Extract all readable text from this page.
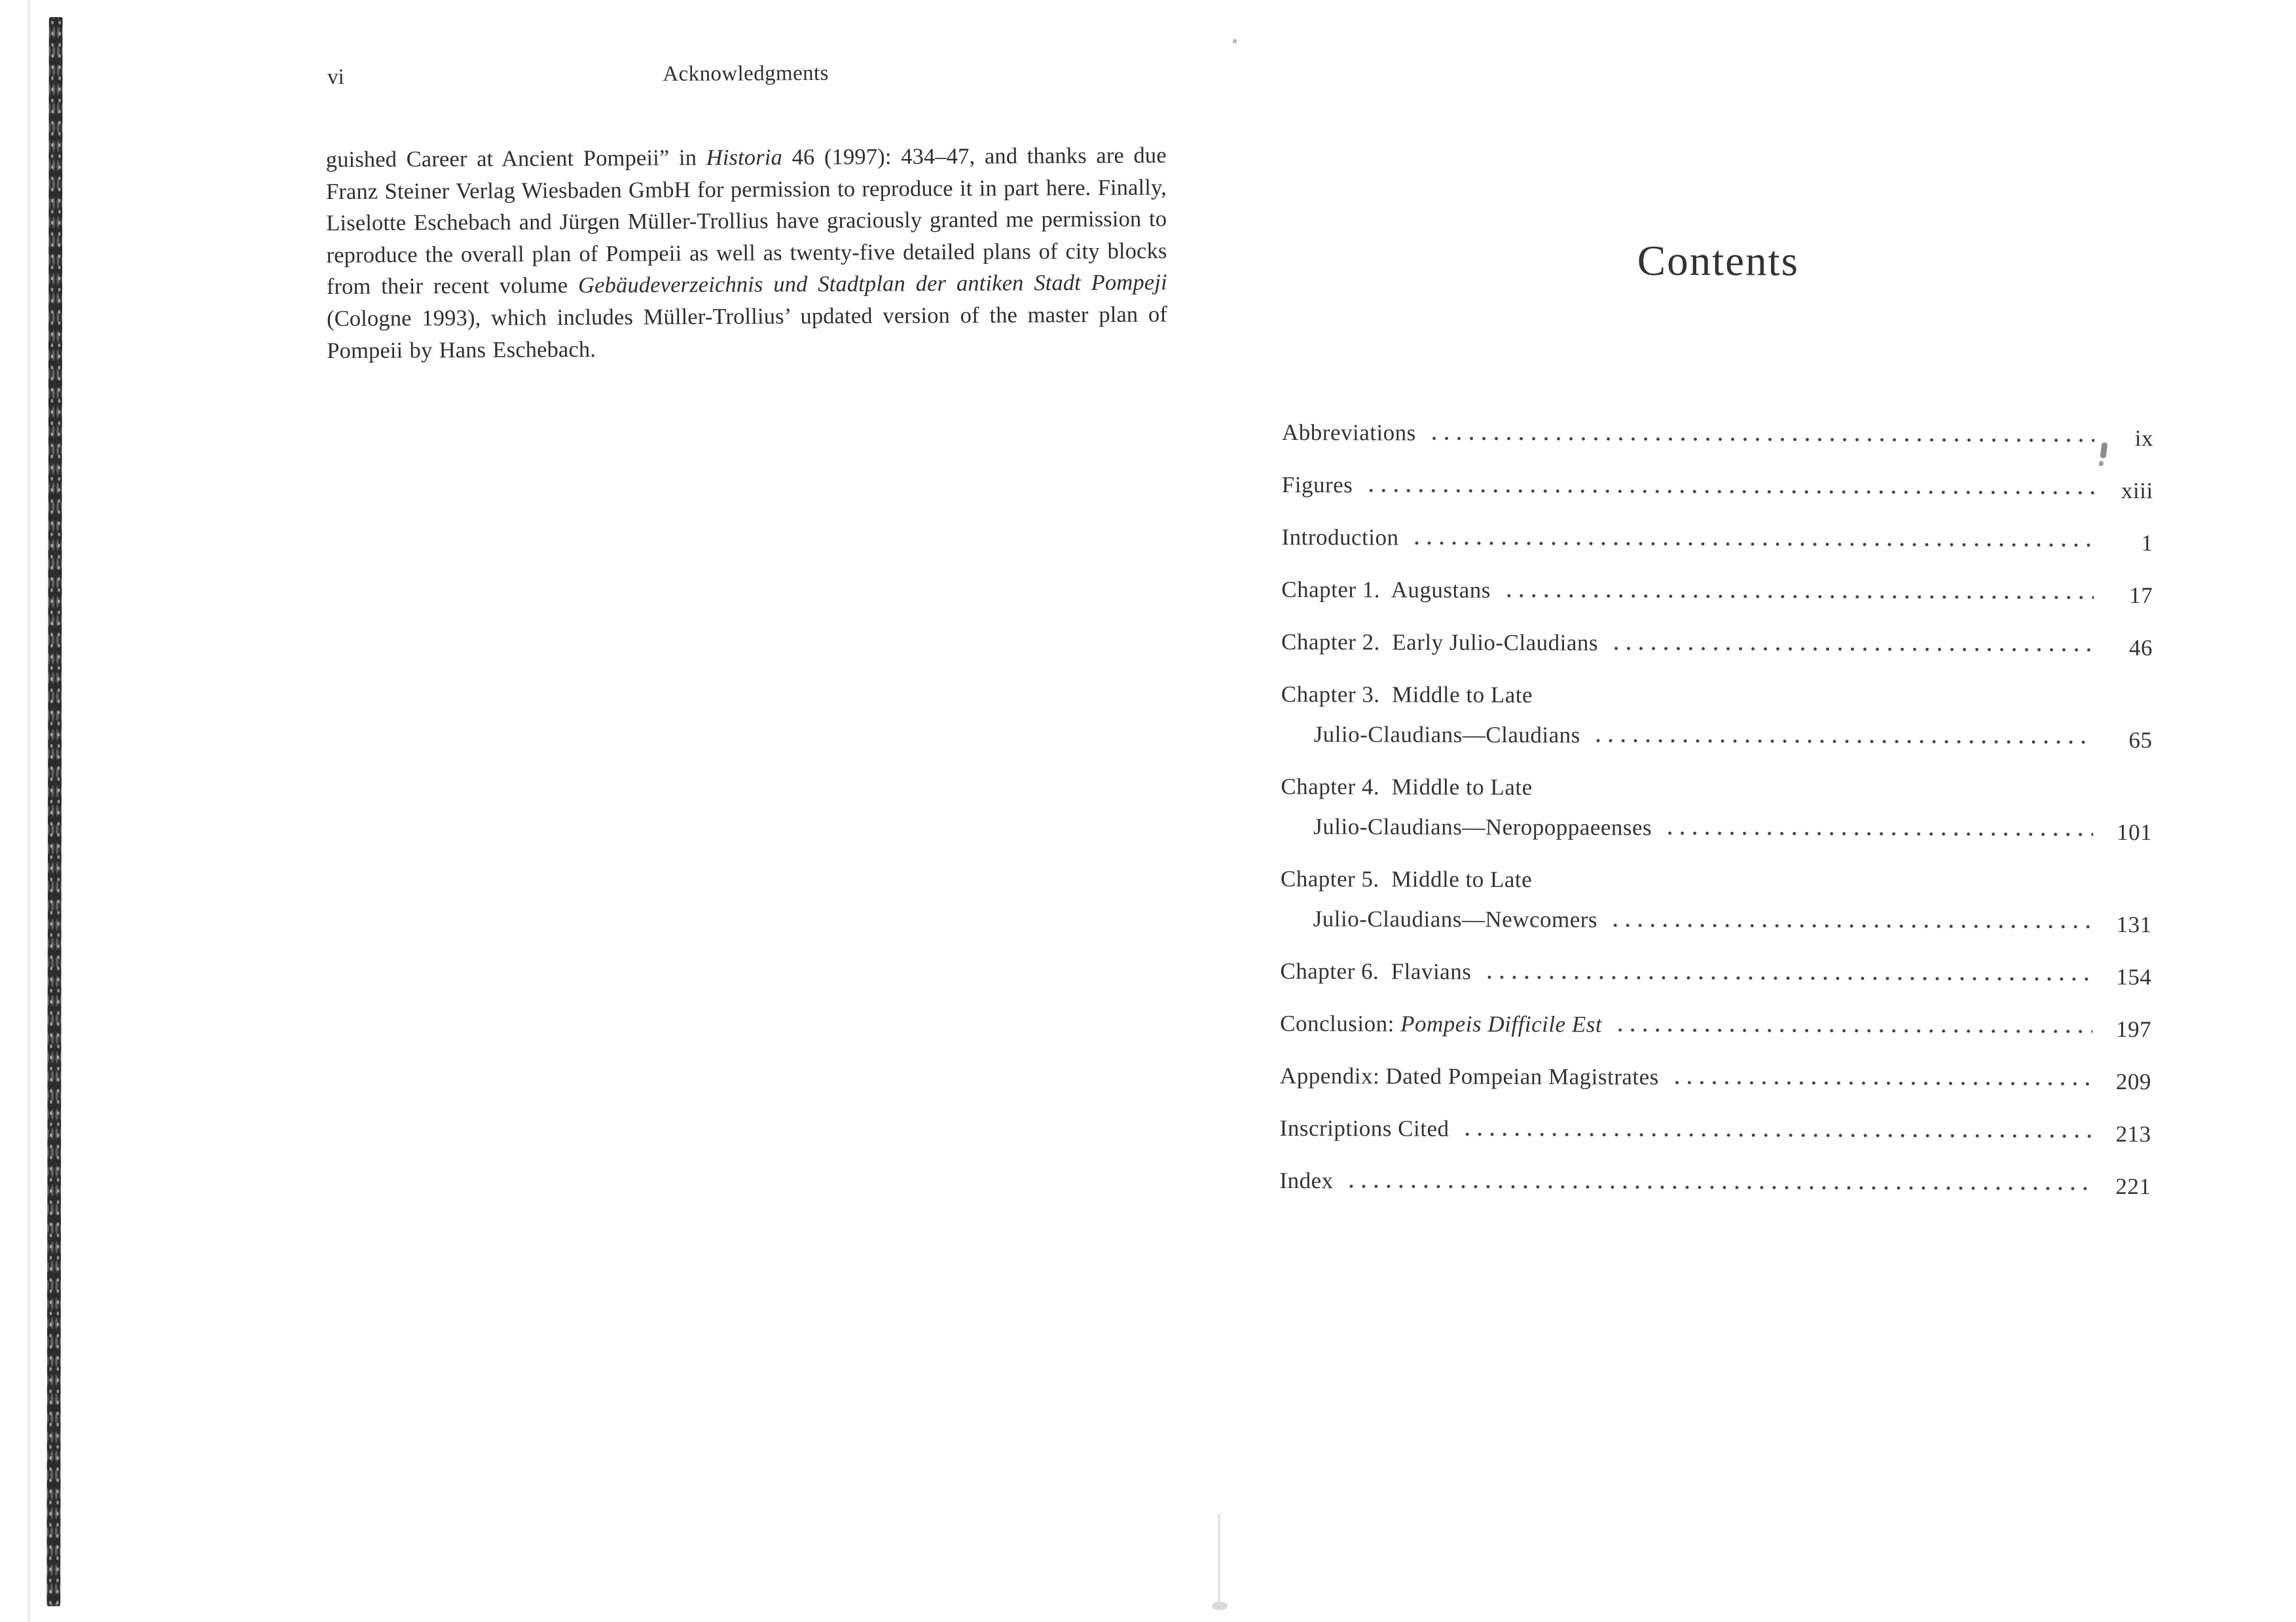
vi	Acknowledgments

guished Career at Ancient Pompeii” in Historia 46 (1997): 434–47, and thanks are due Franz Steiner Verlag Wiesbaden GmbH for permission to reproduce it in part here. Finally, Liselotte Eschebach and Jürgen Müller-Trollius have graciously granted me permission to reproduce the overall plan of Pompeii as well as twenty-five detailed plans of city blocks from their recent volume Gebäudeverzeichnis und Stadtplan der antiken Stadt Pompeji (Cologne 1993), which includes Müller-Trollius’ updated version of the master plan of Pompeii by Hans Eschebach.

Contents
Abbreviations	ix
Figures	xiii
Introduction	1
Chapter 1.  Augustans	17
Chapter 2.  Early Julio-Claudians	46
Chapter 3.  Middle to Late
Julio-Claudians—Claudians	65
Chapter 4.  Middle to Late
Julio-Claudians—Neropoppaeenses	101
Chapter 5.  Middle to Late
Julio-Claudians—Newcomers	131
Chapter 6.  Flavians	154
Conclusion: Pompeis Difficile Est	197
Appendix: Dated Pompeian Magistrates	209
Inscriptions Cited	213
Index	221
